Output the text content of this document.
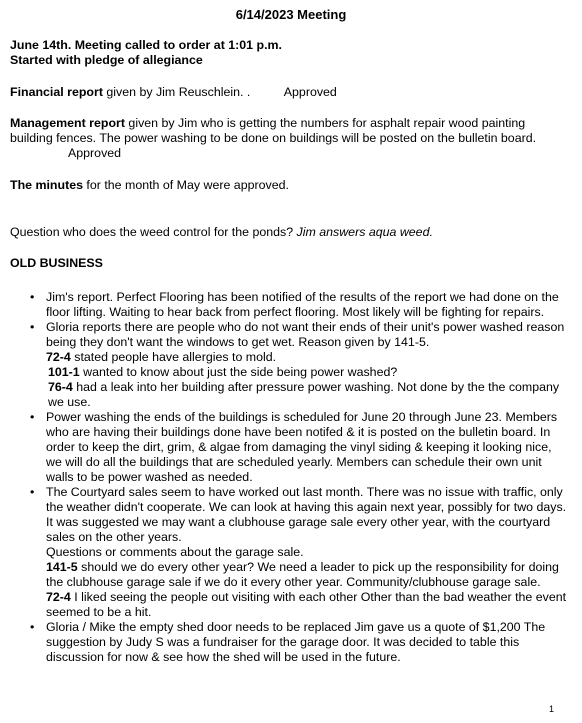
6/14/2023 Meeting
June 14th. Meeting called to order at 1:01 p.m.
Started with pledge of allegiance
Financial report given by Jim Reuschlein. .	Approved
Management report given by Jim who is getting the numbers for asphalt repair wood painting building fences. The power washing to be done on buildings will be posted on the bulletin board. Approved
The minutes for the month of May were approved.
Question who does the weed control for the ponds? Jim answers aqua weed.
OLD BUSINESS
• Jim's report. Perfect Flooring has been notified of the results of the report we had done on the floor lifting. Waiting to hear back from perfect flooring. Most likely will be fighting for repairs.
• Gloria reports there are people who do not want their ends of their unit's power washed reason being they don't want the windows to get wet. Reason given by 141-5.
72-4 stated people have allergies to mold.
101-1 wanted to know about just the side being power washed?
76-4 had a leak into her building after pressure power washing. Not done by the the company we use.
• Power washing the ends of the buildings is scheduled for June 20 through June 23. Members who are having their buildings done have been notifed & it is posted on the bulletin board. In order to keep the dirt, grim, & algae from damaging the vinyl siding & keeping it looking nice, we will do all the buildings that are scheduled yearly. Members can schedule their own unit walls to be power washed as needed.
• The Courtyard sales seem to have worked out last month. There was no issue with traffic, only the weather didn't cooperate. We can look at having this again next year, possibly for two days. It was suggested we may want a clubhouse garage sale every other year, with the courtyard sales on the other years.
Questions or comments about the garage sale.
141-5 should we do every other year? We need a leader to pick up the responsibility for doing the clubhouse garage sale if we do it every other year. Community/clubhouse garage sale.
72-4 I liked seeing the people out visiting with each other Other than the bad weather the event seemed to be a hit.
• Gloria / Mike the empty shed door needs to be replaced Jim gave us a quote of $1,200 The suggestion by Judy S was a fundraiser for the garage door. It was decided to table this discussion for now & see how the shed will be used in the future.
1
